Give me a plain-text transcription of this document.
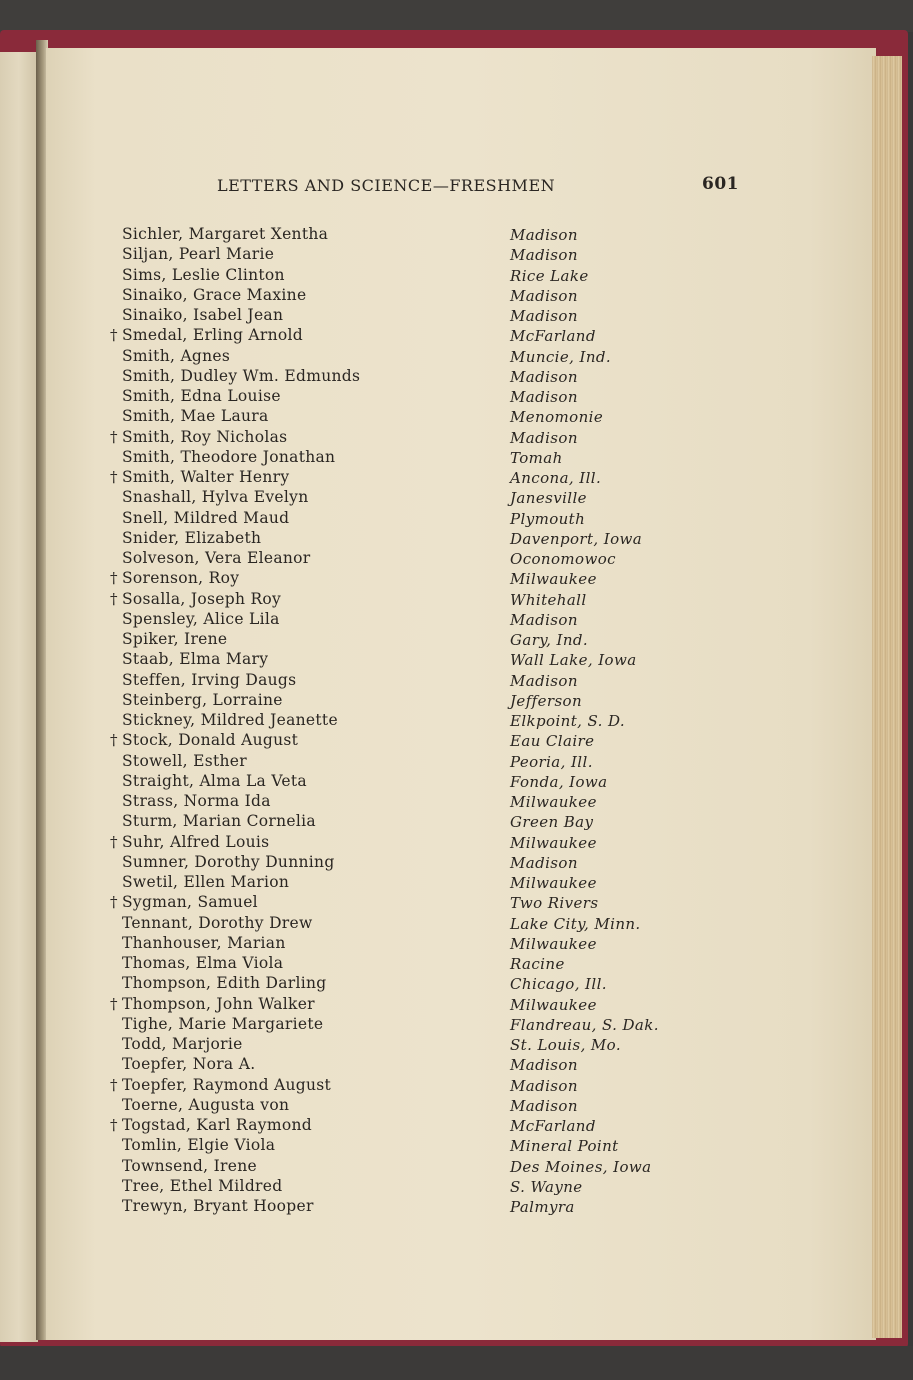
LETTERS AND SCIENCE—FRESHMEN	601
Sichler, Margaret Xentha	Madison
Siljan, Pearl Marie	Madison
Sims, Leslie Clinton	Rice Lake
Sinaiko, Grace Maxine	Madison
Sinaiko, Isabel Jean	Madison
† Smedal, Erling Arnold	McFarland
Smith, Agnes	Muncie, Ind.
Smith, Dudley Wm. Edmunds	Madison
Smith, Edna Louise	Madison
Smith, Mae Laura	Menomonie
† Smith, Roy Nicholas	Madison
Smith, Theodore Jonathan	Tomah
† Smith, Walter Henry	Ancona, Ill.
Snashall, Hylva Evelyn	Janesville
Snell, Mildred Maud	Plymouth
Snider, Elizabeth	Davenport, Iowa
Solveson, Vera Eleanor	Oconomowoc
† Sorenson, Roy	Milwaukee
† Sosalla, Joseph Roy	Whitehall
Spensley, Alice Lila	Madison
Spiker, Irene	Gary, Ind.
Staab, Elma Mary	Wall Lake, Iowa
Steffen, Irving Daugs	Madison
Steinberg, Lorraine	Jefferson
Stickney, Mildred Jeanette	Elkpoint, S. D.
† Stock, Donald August	Eau Claire
Stowell, Esther	Peoria, Ill.
Straight, Alma La Veta	Fonda, Iowa
Strass, Norma Ida	Milwaukee
Sturm, Marian Cornelia	Green Bay
† Suhr, Alfred Louis	Milwaukee
Sumner, Dorothy Dunning	Madison
Swetil, Ellen Marion	Milwaukee
† Sygman, Samuel	Two Rivers
Tennant, Dorothy Drew	Lake City, Minn.
Thanhouser, Marian	Milwaukee
Thomas, Elma Viola	Racine
Thompson, Edith Darling	Chicago, Ill.
† Thompson, John Walker	Milwaukee
Tighe, Marie Margariete	Flandreau, S. Dak.
Todd, Marjorie	St. Louis, Mo.
Toepfer, Nora A.	Madison
† Toepfer, Raymond August	Madison
Toerne, Augusta von	Madison
† Togstad, Karl Raymond	McFarland
Tomlin, Elgie Viola	Mineral Point
Townsend, Irene	Des Moines, Iowa
Tree, Ethel Mildred	S. Wayne
Trewyn, Bryant Hooper	Palmyra
